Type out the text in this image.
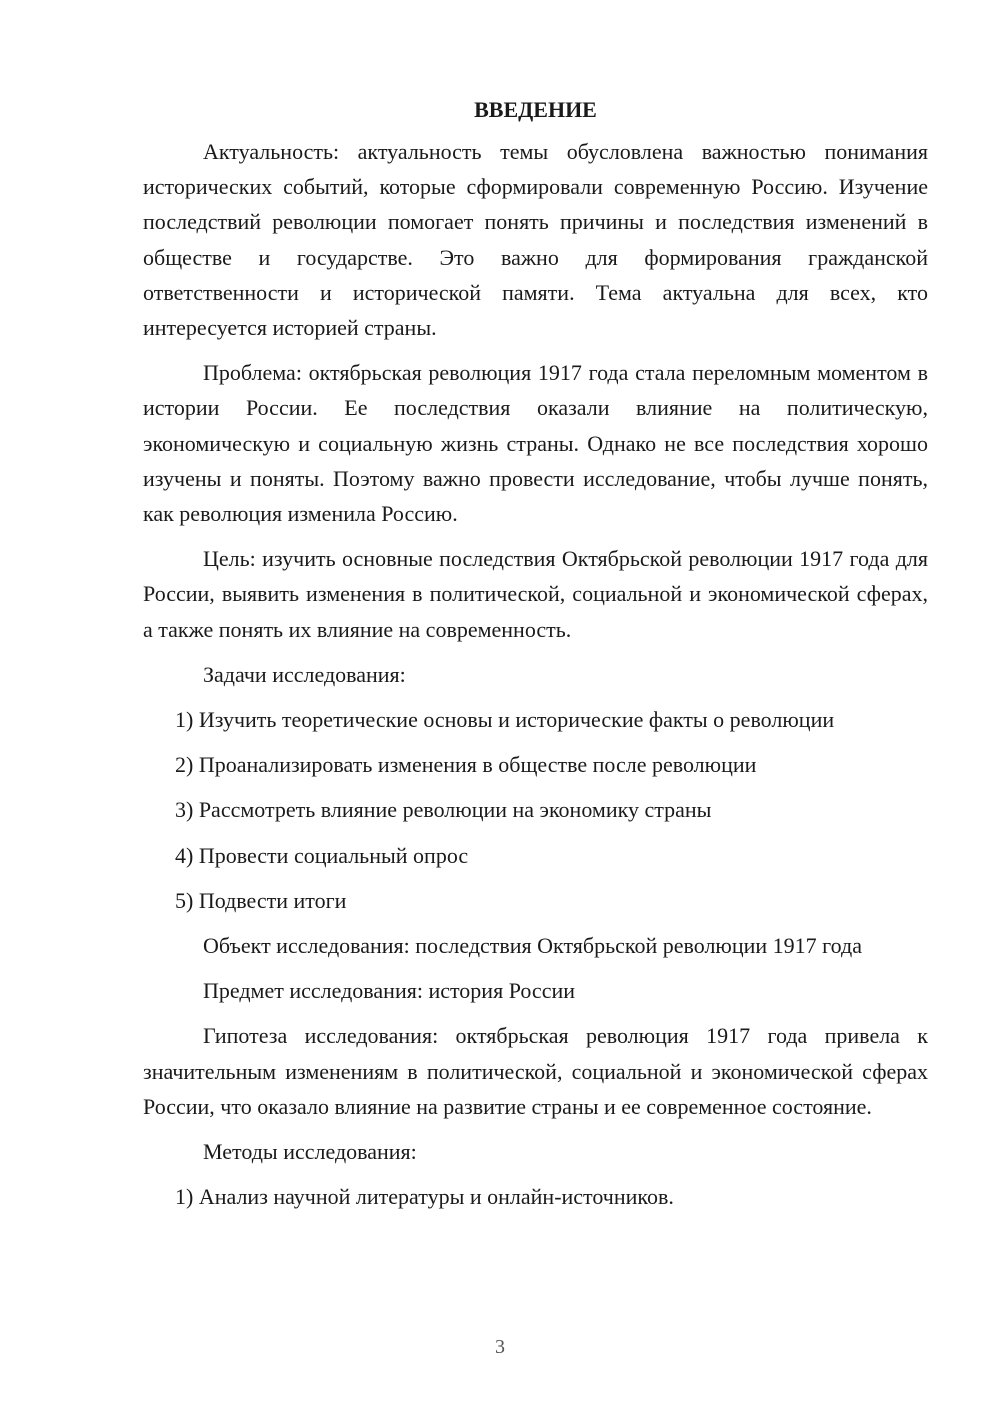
ВВЕДЕНИЕ

Актуальность: актуальность темы обусловлена важностью понимания исторических событий, которые сформировали современную Россию. Изучение последствий революции помогает понять причины и последствия изменений в обществе и государстве. Это важно для формирования гражданской ответственности и исторической памяти. Тема актуальна для всех, кто интересуется историей страны.

Проблема: октябрьская революция 1917 года стала переломным моментом в истории России. Ее последствия оказали влияние на политическую, экономическую и социальную жизнь страны. Однако не все последствия хорошо изучены и поняты. Поэтому важно провести исследование, чтобы лучше понять, как революция изменила Россию.

Цель: изучить основные последствия Октябрьской революции 1917 года для России, выявить изменения в политической, социальной и экономической сферах, а также понять их влияние на современность.

Задачи исследования:

1) Изучить теоретические основы и исторические факты о революции
2) Проанализировать изменения в обществе после революции
3) Рассмотреть влияние революции на экономику страны
4) Провести социальный опрос
5) Подвести итоги

Объект исследования: последствия Октябрьской революции 1917 года

Предмет исследования: история России

Гипотеза исследования: октябрьская революция 1917 года привела к значительным изменениям в политической, социальной и экономической сферах России, что оказало влияние на развитие страны и ее современное состояние.

Методы исследования:

1) Анализ научной литературы и онлайн-источников.
3
